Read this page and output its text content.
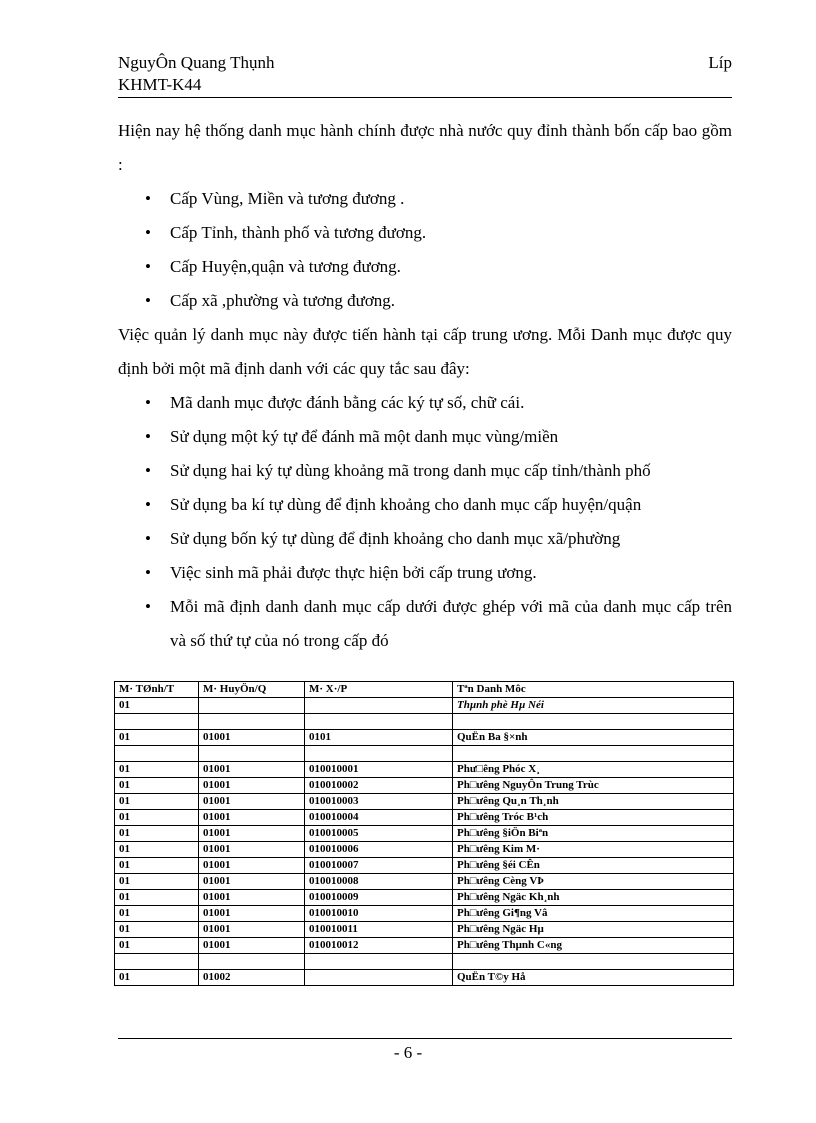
NguyÔn Quang Thụnh	Líp
KHMT-K44

Hiện nay hệ thống danh mục hành chính được nhà nước quy đỉnh thành bốn cấp bao gồm :

• Cấp Vùng, Miền và tương đương .
• Cấp Tỉnh, thành phố và tương đương.
• Cấp Huyện,quận và tương đương.
• Cấp xã ,phường và tương đương.

Việc quản lý danh mục này được tiến hành tại cấp trung ương. Mỗi Danh mục được quy định bởi một mã định danh với các quy tắc sau đây:

• Mã danh mục được đánh bằng các ký tự số, chữ cái.
• Sử dụng một ký tự để đánh mã một danh mục vùng/miền
• Sử dụng hai ký tự dùng khoảng mã trong danh mục cấp tỉnh/thành phố
• Sử dụng ba kí tự dùng để định khoảng cho danh mục cấp huyện/quận
• Sử dụng bốn ký tự dùng để định khoảng cho danh mục xã/phường
• Việc sinh mã phải được thực hiện bởi cấp trung ương.
• Mỗi mã định danh danh mục cấp dưới được ghép với mã của danh mục cấp trên và số thứ tự của nó trong cấp đó
M· TØnh/T	M· HuyÖn/Q	M· X·/P	Tªn Danh Môc
01			Thµnh phè Hµ Néi

01	01001	0101	QuËn Ba §×nh

01	01001	010010001	Phư□êng Phóc X¸
01	01001	010010002	Ph□ưêng NguyÔn Trung Trùc
01	01001	010010003	Ph□ưêng Qu¸n Th¸nh
01	01001	010010004	Ph□ưêng Tróc B¹ch
01	01001	010010005	Ph□ưêng §iÖn Biªn
01	01001	010010006	Ph□ưêng Kim M·
01	01001	010010007	Ph□ưêng §éi CÊn
01	01001	010010008	Ph□ưêng Cèng VÞ
01	01001	010010009	Ph□ưêng Ngäc Kh¸nh
01	01001	010010010	Ph□ưêng Gi¶ng Vâ
01	01001	010010011	Ph□ưêng Ngäc Hµ
01	01001	010010012	Ph□ưêng Thµnh C«ng

01	01002		QuËn T©y Hå
- 6 -
